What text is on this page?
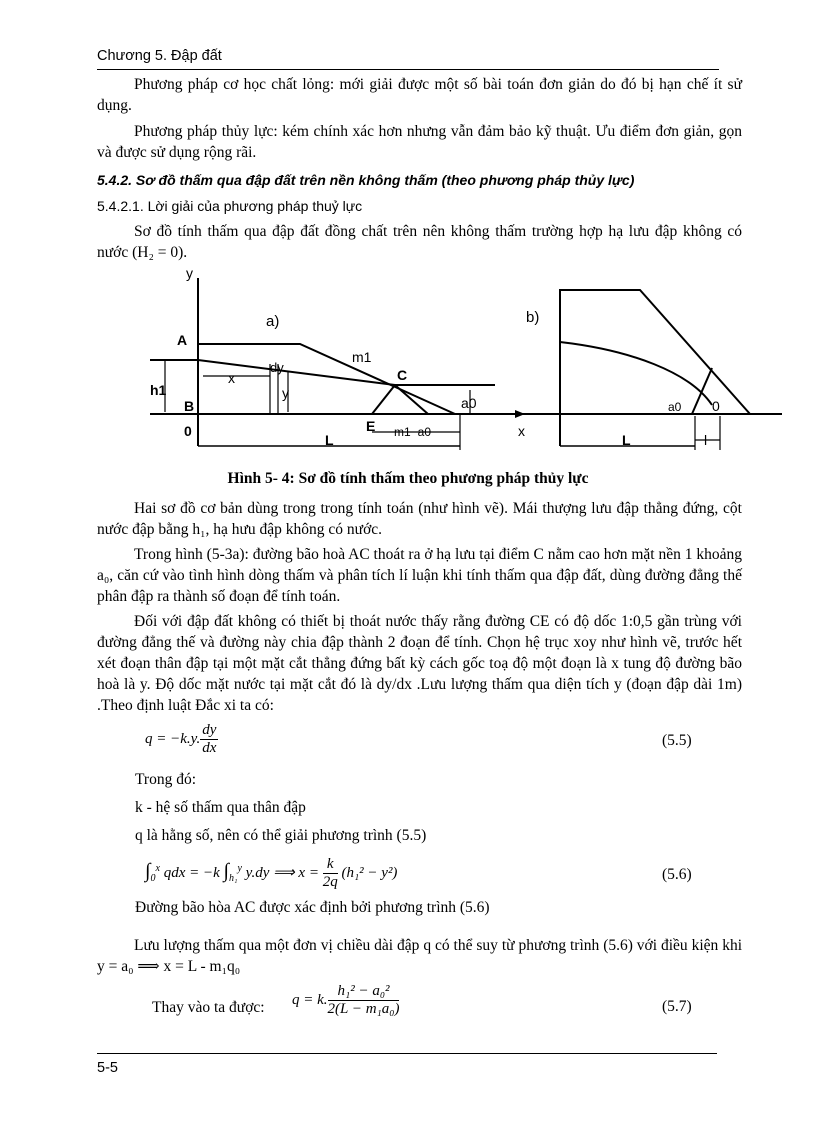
Chương 5. Đập đất
Phương pháp cơ học chất lỏng: mới giải được một số bài toán đơn giản do đó bị hạn chế ít sử dụng.
Phương pháp thủy lực: kém chính xác hơn nhưng vẫn đảm bảo kỹ thuật. Ưu điểm đơn giản, gọn và được sử dụng rộng rãi.
5.4.2. Sơ đồ thấm qua đập đất trên nền không thấm (theo phương pháp thủy lực)
5.4.2.1. Lời giải của phương pháp thuỷ lực
Sơ đồ tính thấm qua đập đất đồng chất trên nên không thấm trường hợp hạ lưu đập không có nước (H₂ = 0).
y
x
A
B
0
C
E
h1
x
dy
y
m1
a0
m1−a0
L
a)	b)
a0 0
L	l
Hình 5- 4: Sơ đồ tính thấm theo phương pháp thủy lực
Hai sơ đồ cơ bản dùng trong trong tính toán (như hình vẽ). Mái thượng lưu đập thẳng đứng, cột nước đập bằng h₁, hạ hưu đập không có nước.
Trong hình (5-3a): đường bão hoà AC thoát ra ở hạ lưu tại điểm C nằm cao hơn mặt nền 1 khoảng a₀, căn cứ vào tình hình dòng thấm và phân tích lí luận khi tính thấm qua đập đất, dùng đường đẳng thế phân đập ra thành số đoạn để tính toán.
Đối với đập đất không có thiết bị thoát nước thấy rằng đường CE có độ dốc 1:0,5 gần trùng với đường đẳng thế và đường này chia đập thành 2 đoạn để tính. Chọn hệ trục xoy như hình vẽ, trước hết xét đoạn thân đập tại một mặt cắt thẳng đứng bất kỳ cách gốc toạ độ một đoạn là x tung độ đường bão hoà là y. Độ dốc mặt nước tại mặt cắt đó là dy/dx .Lưu lượng thấm qua diện tích y (đoạn đập dài 1m) .Theo định luật Đắc xi ta có:
q = −k.y. $\frac{dy}{dx}$	(5.5)
Trong đó:
k - hệ số thấm qua thân đập
q là hằng số, nên có thể giải phương trình (5.5)
$\int_0^x$ qdx = −k $\int_{h_1}^y$ y.dy ⟹ $x = \frac{k}{2q} (h_1^2 - y^2)$	(5.6)
Đường bão hòa AC được xác định bởi phương trình (5.6)
Lưu lượng thấm qua một đơn vị chiều dài đập q có thể suy từ phương trình (5.6) với điều kiện khi y = a₀ ⟹ x = L - m₁q₀
Thay vào ta được: q = k. $\frac{\text{h₁² − a₀²}}{\text{2(L − m₁a₀)}}$	(5.7)
5-5
